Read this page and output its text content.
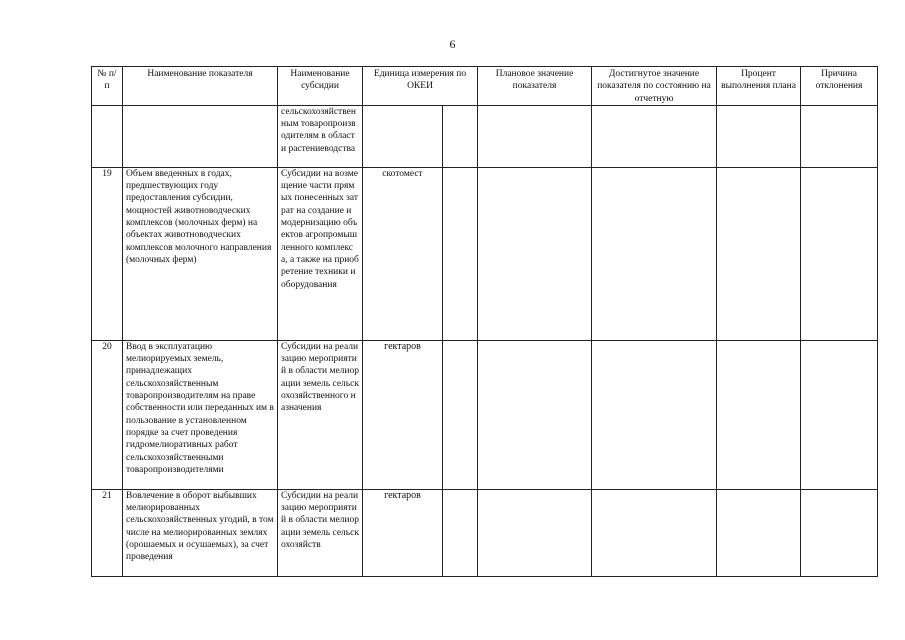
6
№ п/п	Наименование показателя	Наименование субсидии	Единица измерения по ОКЕИ		Плановое значение показателя	Достигнутое значение показателя по состоянию на отчетную	Процент выполнения плана	Причина отклонения
		сельскохозяйственным товаропроизводителям в области растениеводства						
19	Объем введенных в годах, предшествующих году предоставления субсидии, мощностей животноводческих комплексов (молочных ферм) на объектах животноводческих комплексов молочного направления (молочных ферм)	Субсидии на возмещение части прямых понесенных затрат на создание и модернизацию объектов агропромышленного комплекса, а также на приобретение техники и оборудования	скотомест					
20	Ввод в эксплуатацию мелиорируемых земель, принадлежащих сельскохозяйственным товаропроизводителям на праве собственности или переданных им в пользование в установленном порядке за счет проведения гидромелиоративных работ сельскохозяйственными товаропроизводителями	Субсидии на реализацию мероприятий в области мелиорации земель сельскохозяйственного назначения	гектаров					
21	Вовлечение в оборот выбывших мелиорированных сельскохозяйственных угодий, в том числе на мелиорированных землях (орошаемых и осушаемых), за счет проведения	Субсидии на реализацию мероприятий в области мелиорации земель сельскохозяйств	гектаров					
